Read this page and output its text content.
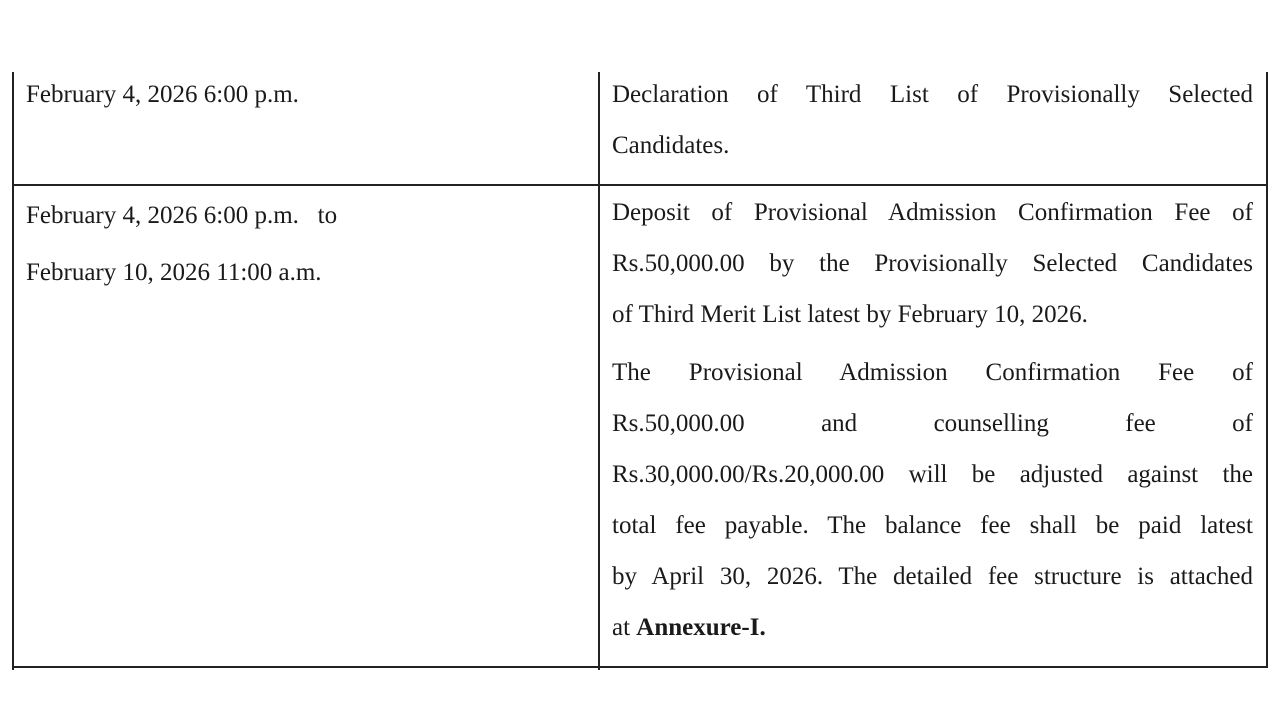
February 4, 2026 6:00 p.m.	Declaration of Third List of Provisionally Selected
Candidates.
February 4, 2026 6:00 p.m.   to
February 10, 2026 11:00 a.m.
Deposit of Provisional Admission Confirmation Fee of
Rs.50,000.00 by the Provisionally Selected Candidates
of Third Merit List latest by February 10, 2026.
The Provisional Admission Confirmation Fee of
Rs.50,000.00 and counselling fee of
Rs.30,000.00/Rs.20,000.00 will be adjusted against the
total fee payable. The balance fee shall be paid latest
by April 30, 2026. The detailed fee structure is attached
at Annexure-I.
